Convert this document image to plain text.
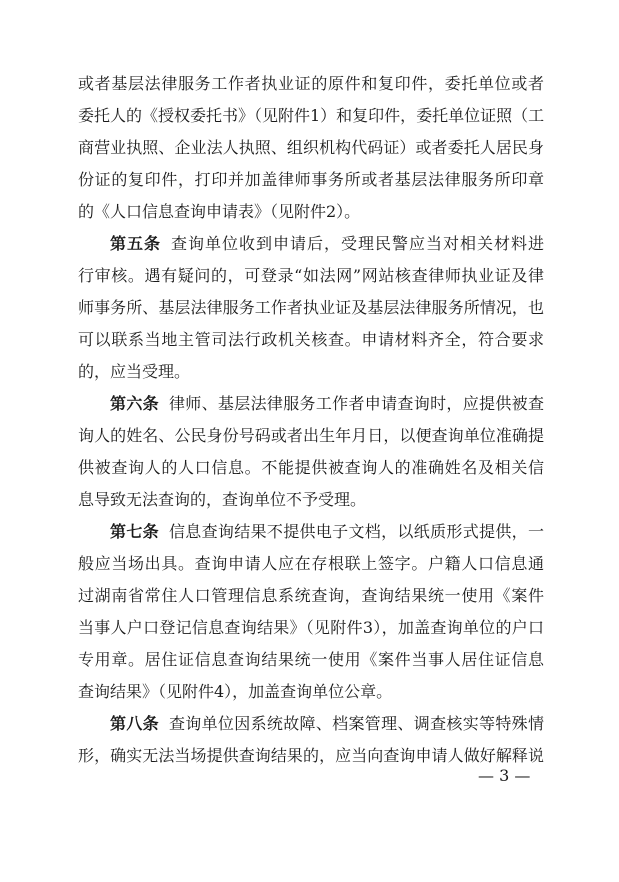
或者基层法律服务工作者执业证的原件和复印件，委托单位或者
委托人的《授权委托书》（见附件1）和复印件，委托单位证照（工
商营业执照、企业法人执照、组织机构代码证）或者委托人居民身
份证的复印件，打印并加盖律师事务所或者基层法律服务所印章
的《人口信息查询申请表》（见附件2）。
第五条 查询单位收到申请后，受理民警应当对相关材料进
行审核。遇有疑问的，可登录“如法网”网站核查律师执业证及律
师事务所、基层法律服务工作者执业证及基层法律服务所情况，也
可以联系当地主管司法行政机关核查。申请材料齐全，符合要求
的，应当受理。
第六条 律师、基层法律服务工作者申请查询时，应提供被查
询人的姓名、公民身份号码或者出生年月日，以便查询单位准确提
供被查询人的人口信息。不能提供被查询人的准确姓名及相关信
息导致无法查询的，查询单位不予受理。
第七条 信息查询结果不提供电子文档，以纸质形式提供，一
般应当场出具。查询申请人应在存根联上签字。户籍人口信息通
过湖南省常住人口管理信息系统查询，查询结果统一使用《案件
当事人户口登记信息查询结果》（见附件3），加盖查询单位的户口
专用章。居住证信息查询结果统一使用《案件当事人居住证信息
查询结果》（见附件4），加盖查询单位公章。
第八条 查询单位因系统故障、档案管理、调查核实等特殊情
形，确实无法当场提供查询结果的，应当向查询申请人做好解释说
— 3 —
